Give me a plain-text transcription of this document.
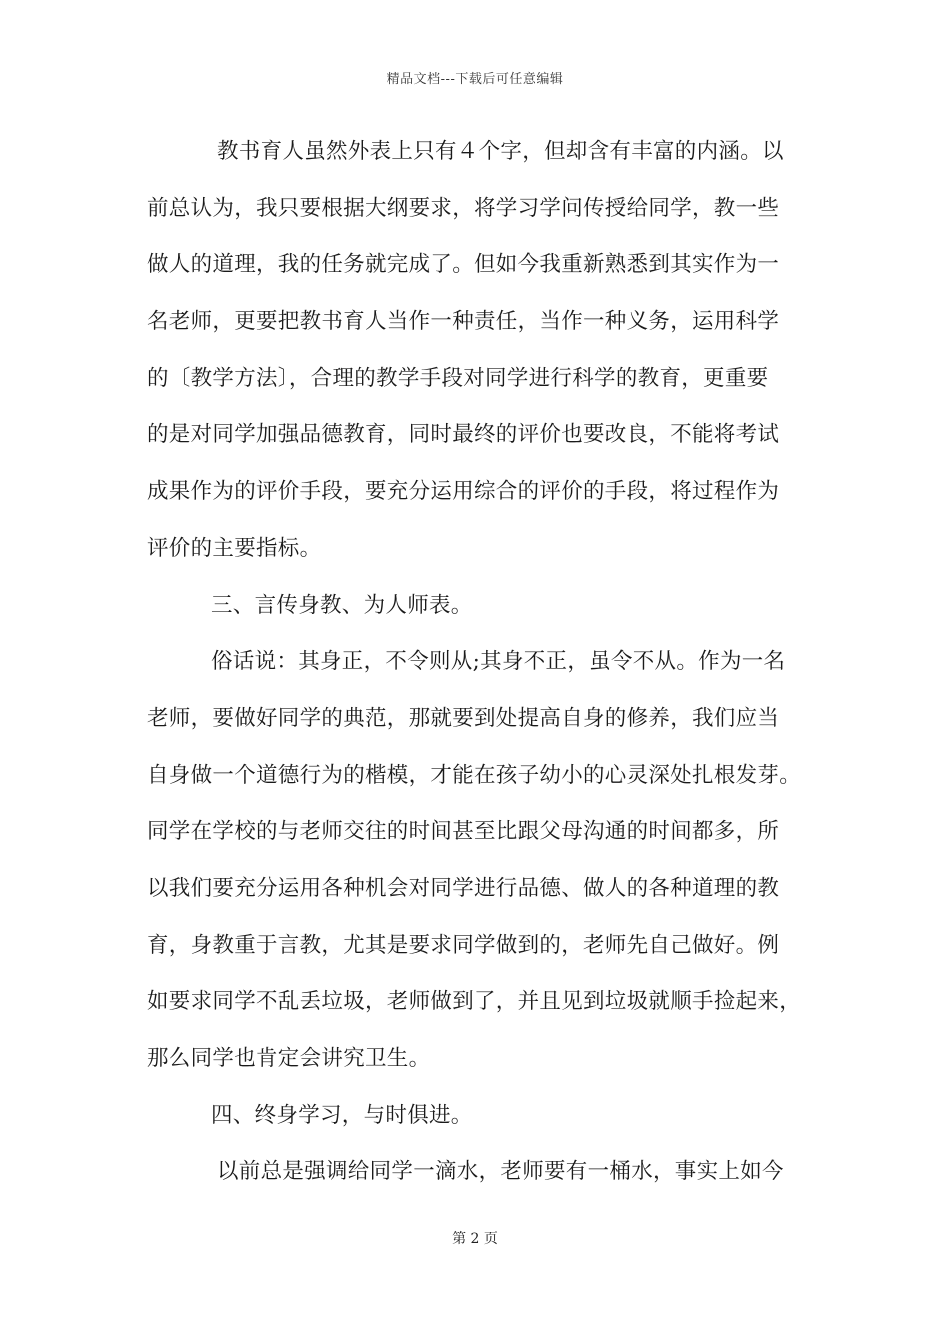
精品文档---下载后可任意编辑
教书育人虽然外表上只有４个字，但却含有丰富的内涵。以
前总认为，我只要根据大纲要求，将学习学问传授给同学，教一些
做人的道理，我的任务就完成了。但如今我重新熟悉到其实作为一
名老师，更要把教书育人当作一种责任，当作一种义务，运用科学
的〔教学方法〕，合理的教学手段对同学进行科学的教育，更重要
的是对同学加强品德教育，同时最终的评价也要改良，不能将考试
成果作为的评价手段，要充分运用综合的评价的手段，将过程作为
评价的主要指标。
三、言传身教、为人师表。
俗话说：其身正，不令则从;其身不正，虽令不从。作为一名
老师，要做好同学的典范，那就要到处提高自身的修养，我们应当
自身做一个道德行为的楷模，才能在孩子幼小的心灵深处扎根发芽。
同学在学校的与老师交往的时间甚至比跟父母沟通的时间都多，所
以我们要充分运用各种机会对同学进行品德、做人的各种道理的教
育，身教重于言教，尤其是要求同学做到的，老师先自己做好。例
如要求同学不乱丢垃圾，老师做到了，并且见到垃圾就顺手捡起来，
那么同学也肯定会讲究卫生。
四、终身学习，与时俱进。
以前总是强调给同学一滴水，老师要有一桶水，事实上如今
第 2 页
